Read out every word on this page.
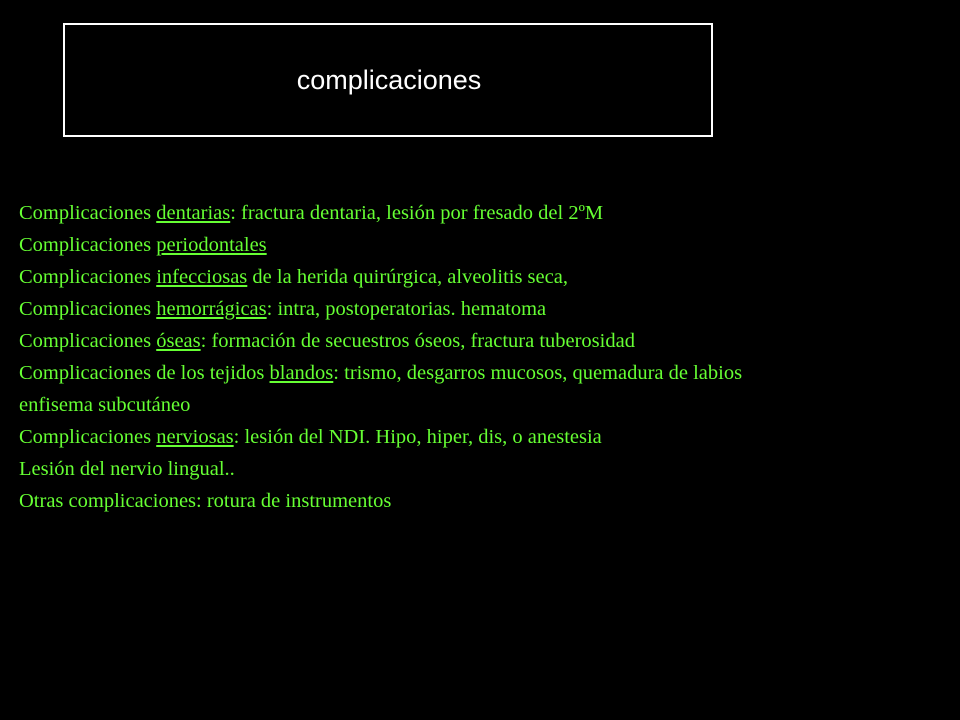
complicaciones
Complicaciones dentarias: fractura dentaria, lesión por fresado del 2ºM
Complicaciones periodontales
Complicaciones infecciosas de la herida quirúrgica, alveolitis seca,
Complicaciones hemorrágicas: intra, postoperatorias. hematoma
Complicaciones óseas: formación de secuestros óseos, fractura tuberosidad
Complicaciones de los tejidos blandos: trismo, desgarros mucosos, quemadura de labios
enfisema subcutáneo
Complicaciones nerviosas: lesión del NDI. Hipo, hiper, dis, o anestesia
Lesión del nervio lingual..
Otras complicaciones: rotura de instrumentos
